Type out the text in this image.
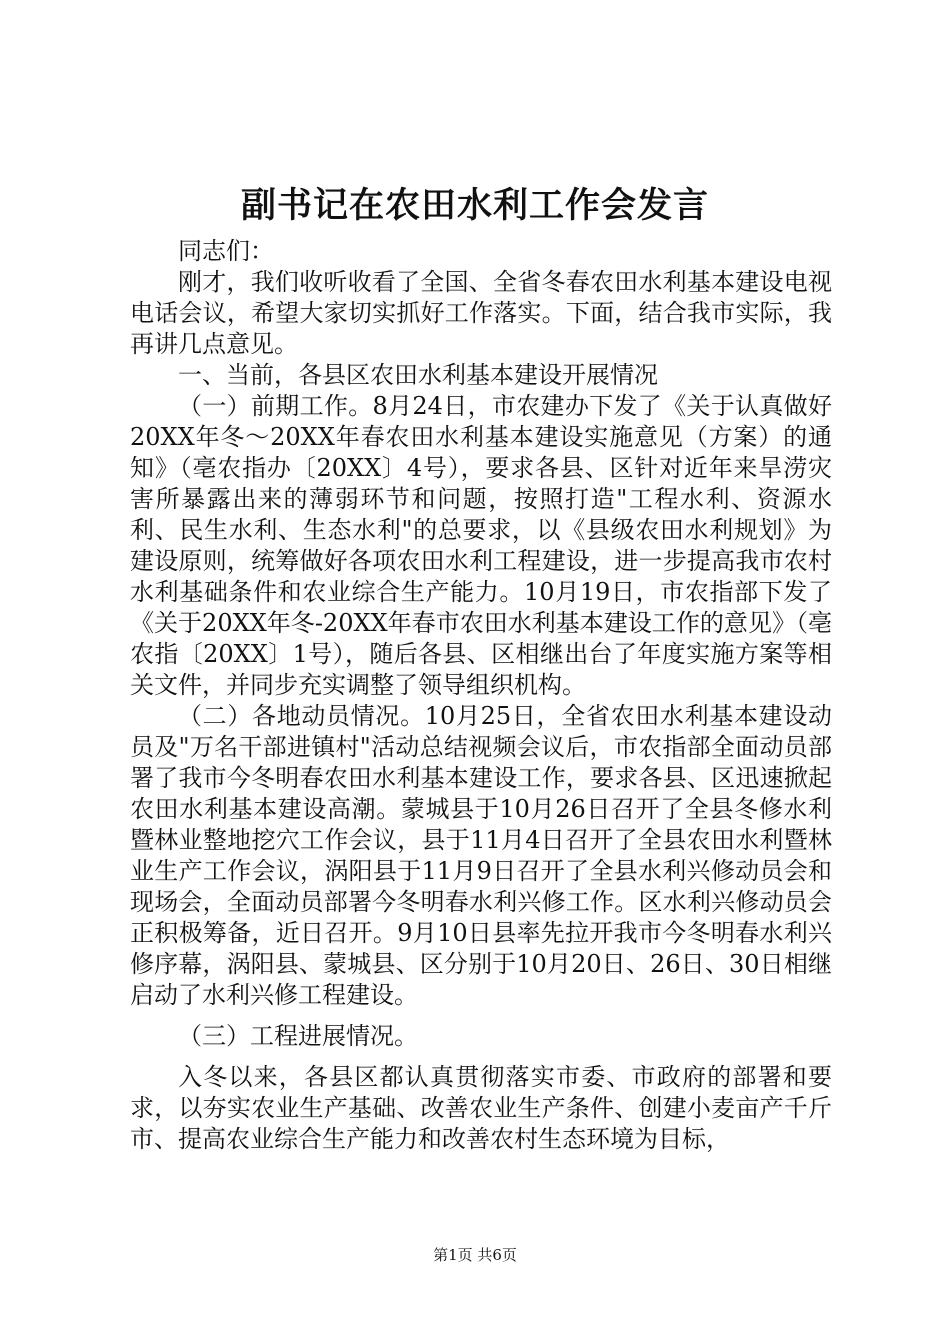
副书记在农田水利工作会发言

同志们：

刚才，我们收听收看了全国、全省冬春农田水利基本建设电视电话会议，希望大家切实抓好工作落实。下面，结合我市实际，我再讲几点意见。

一、当前，各县区农田水利基本建设开展情况

（一）前期工作。8月24日，市农建办下发了《关于认真做好20XX年冬～20XX年春农田水利基本建设实施意见（方案）的通知》（亳农指办〔20XX〕4号），要求各县、区针对近年来旱涝灾害所暴露出来的薄弱环节和问题，按照打造"工程水利、资源水利、民生水利、生态水利"的总要求，以《县级农田水利规划》为建设原则，统筹做好各项农田水利工程建设，进一步提高我市农村水利基础条件和农业综合生产能力。10月19日，市农指部下发了《关于20XX年冬-20XX年春市农田水利基本建设工作的意见》（亳农指〔20XX〕1号），随后各县、区相继出台了年度实施方案等相关文件，并同步充实调整了领导组织机构。

（二）各地动员情况。10月25日，全省农田水利基本建设动员及"万名干部进镇村"活动总结视频会议后，市农指部全面动员部署了我市今冬明春农田水利基本建设工作，要求各县、区迅速掀起农田水利基本建设高潮。蒙城县于10月26日召开了全县冬修水利暨林业整地挖穴工作会议，县于11月4日召开了全县农田水利暨林业生产工作会议，涡阳县于11月9日召开了全县水利兴修动员会和现场会，全面动员部署今冬明春水利兴修工作。区水利兴修动员会正积极筹备，近日召开。9月10日县率先拉开我市今冬明春水利兴修序幕，涡阳县、蒙城县、区分别于10月20日、26日、30日相继启动了水利兴修工程建设。

（三）工程进展情况。

入冬以来，各县区都认真贯彻落实市委、市政府的部署和要求，以夯实农业生产基础、改善农业生产条件、创建小麦亩产千斤市、提高农业综合生产能力和改善农村生态环境为目标，

第1页 共6页
